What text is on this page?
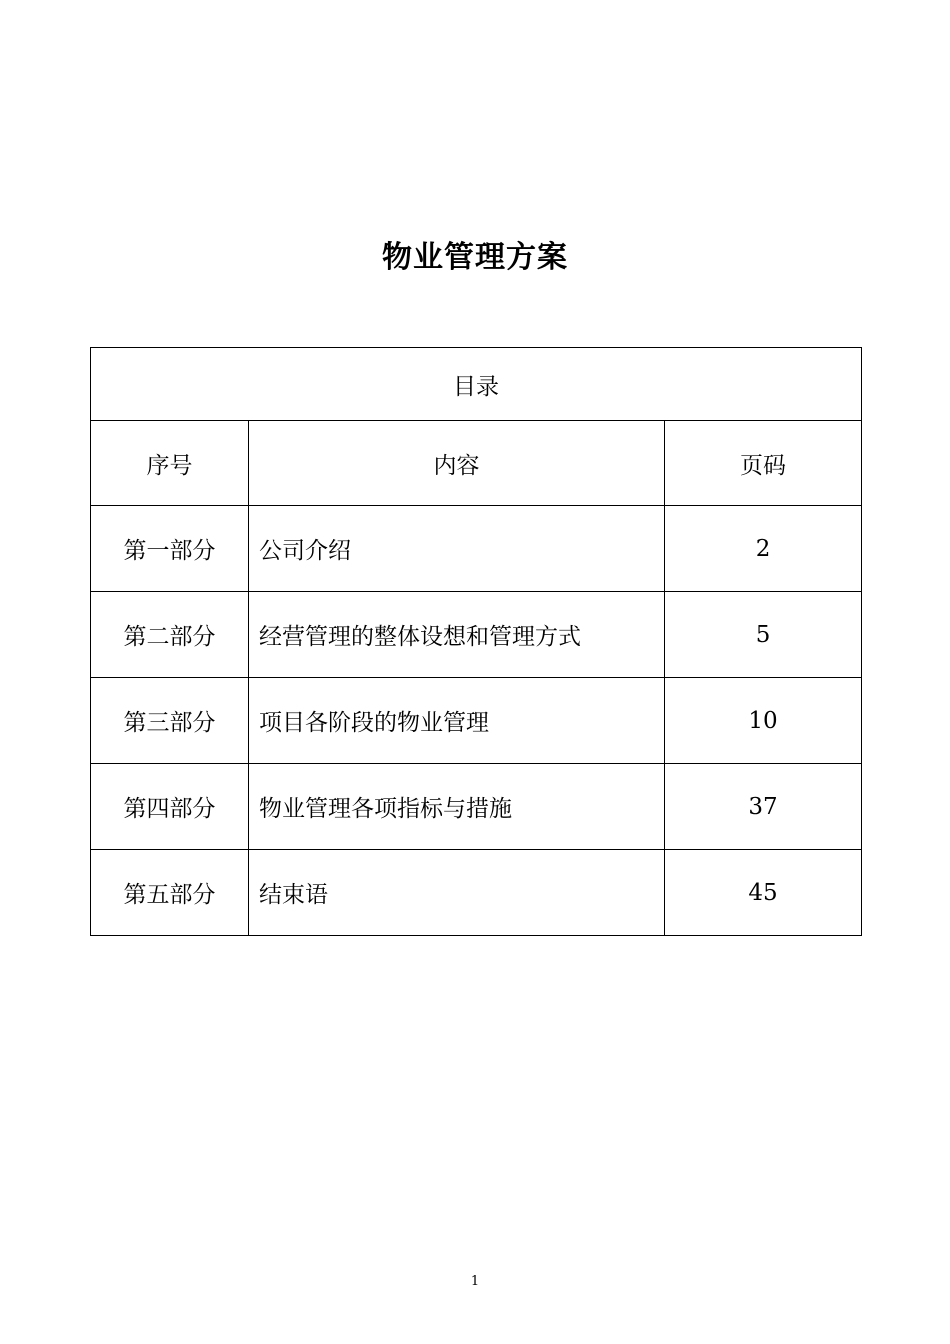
物业管理方案
目录		
序号	内容	页码
第一部分	公司介绍	2
第二部分	经营管理的整体设想和管理方式	5
第三部分	项目各阶段的物业管理	10
第四部分	物业管理各项指标与措施	37
第五部分	结束语	45
1
